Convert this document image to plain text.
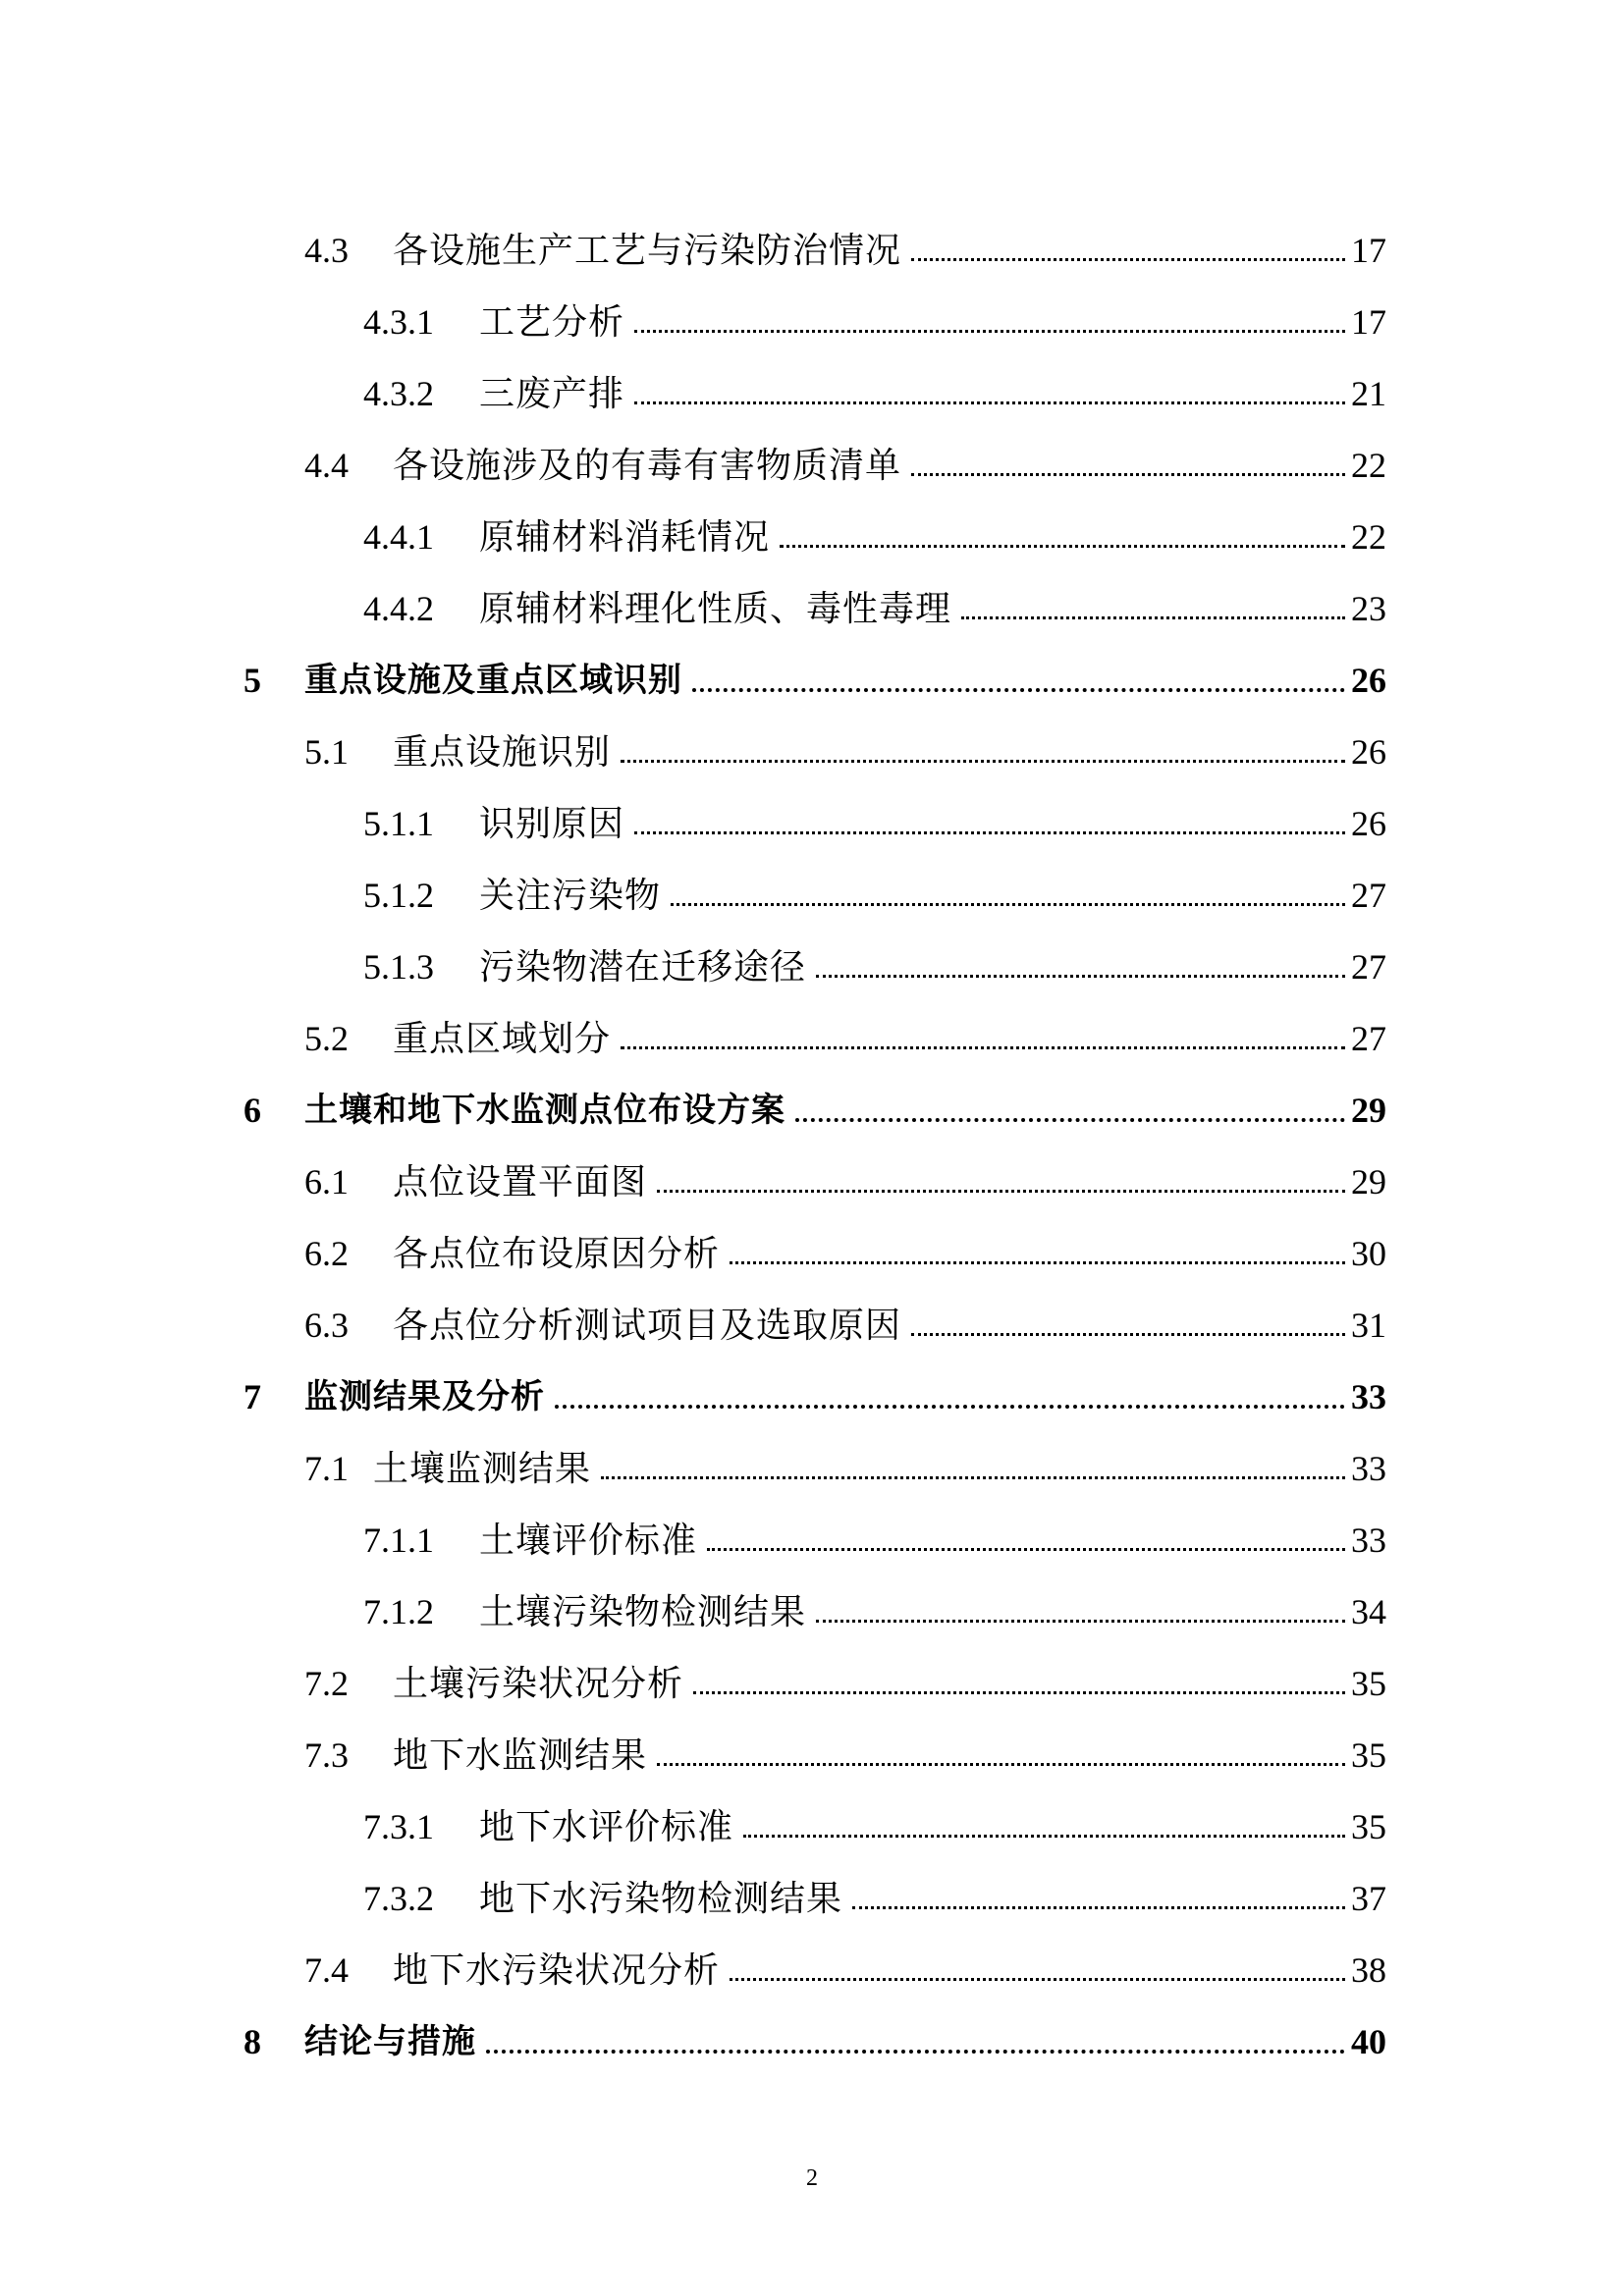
4.3	各设施生产工艺与污染防治情况	17
4.3.1	工艺分析	17
4.3.2	三废产排	21
4.4	各设施涉及的有毒有害物质清单	22
4.4.1	原辅材料消耗情况	22
4.4.2	原辅材料理化性质、毒性毒理	23
5	重点设施及重点区域识别	26
5.1	重点设施识别	26
5.1.1	识别原因	26
5.1.2	关注污染物	27
5.1.3	污染物潜在迁移途径	27
5.2	重点区域划分	27
6	土壤和地下水监测点位布设方案	29
6.1	点位设置平面图	29
6.2	各点位布设原因分析	30
6.3	各点位分析测试项目及选取原因	31
7	监测结果及分析	33
7.1 土壤监测结果	33
7.1.1	土壤评价标准	33
7.1.2	土壤污染物检测结果	34
7.2	土壤污染状况分析	35
7.3	地下水监测结果	35
7.3.1	地下水评价标准	35
7.3.2	地下水污染物检测结果	37
7.4	地下水污染状况分析	38
8	结论与措施	40
2
